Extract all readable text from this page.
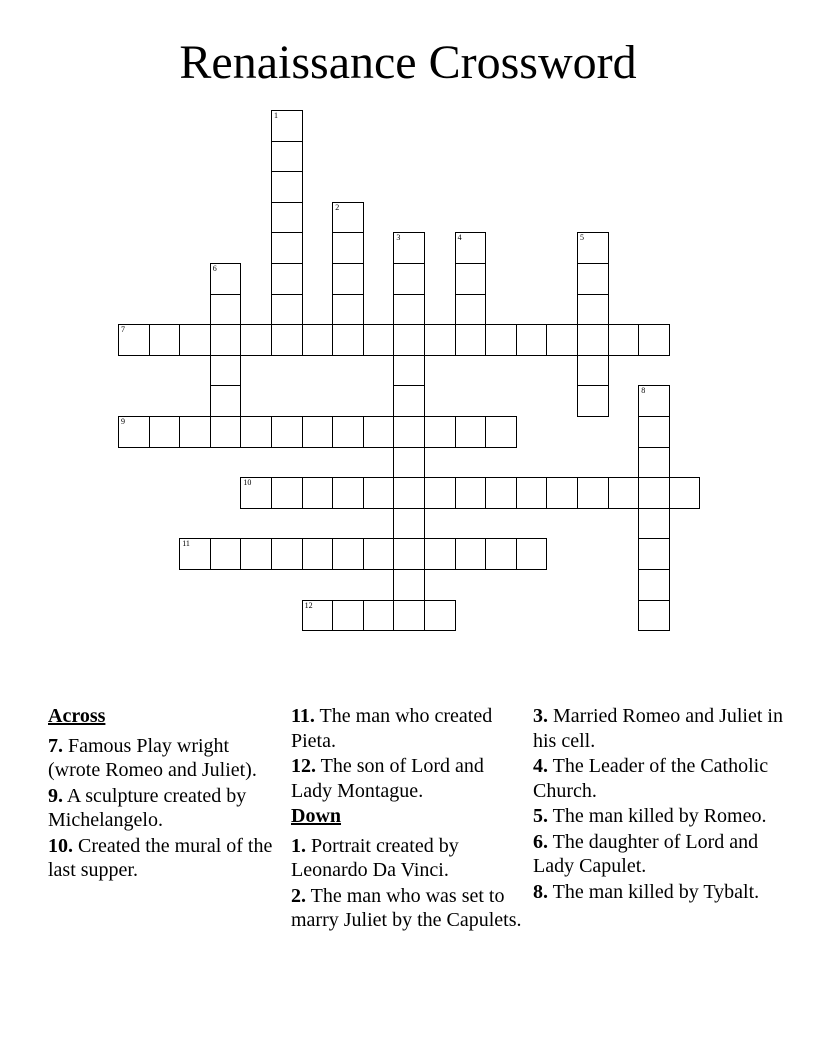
Renaissance Crossword
1
2
3	4	5
6
7
8
9
10
11
12
Across
7. Famous Play wright (wrote Romeo and Juliet).
9. A sculpture created by Michelangelo.
10. Created the mural of the last supper.
11. The man who created Pieta.
12. The son of Lord and Lady Montague.
Down
1. Portrait created by Leonardo Da Vinci.
2. The man who was set to marry Juliet by the Capulets.
3. Married Romeo and Juliet in his cell.
4. The Leader of the Catholic Church.
5. The man killed by Romeo.
6. The daughter of Lord and Lady Capulet.
8. The man killed by Tybalt.
